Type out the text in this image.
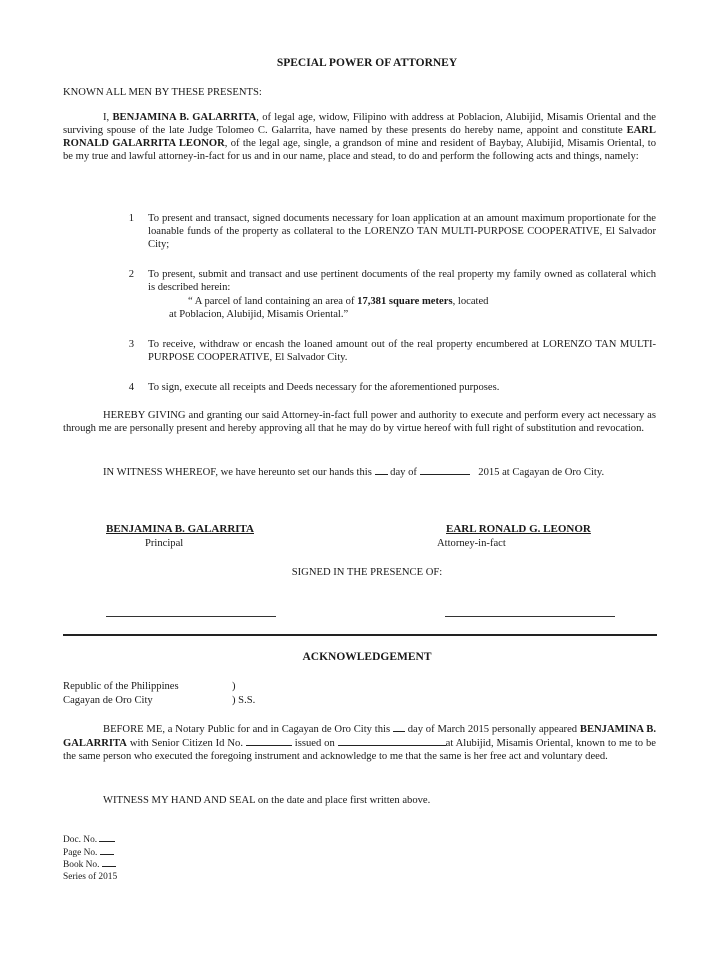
SPECIAL POWER OF ATTORNEY
KNOWN ALL MEN BY THESE PRESENTS:
I, BENJAMINA B. GALARRITA, of legal age, widow, Filipino with address at Poblacion, Alubijid, Misamis Oriental and the surviving spouse of the late Judge Tolomeo C. Galarrita, have named by these presents do hereby name, appoint and constitute EARL RONALD GALARRITA LEONOR, of the legal age, single, a grandson of mine and resident of Baybay, Alubijid, Misamis Oriental, to be my true and lawful attorney-in-fact for us and in our name, place and stead, to do and perform the following acts and things, namely:
1 To present and transact, signed documents necessary for loan application at an amount maximum proportionate for the loanable funds of the property as collateral to the LORENZO TAN MULTI-PURPOSE COOPERATIVE, El Salvador City;
2 To present, submit and transact and use pertinent documents of the real property my family owned as collateral which is described herein:
“ A parcel of land containing an area of 17,381 square meters, located
at Poblacion, Alubijid, Misamis Oriental.”
3 To receive, withdraw or encash the loaned amount out of the real property encumbered at LORENZO TAN MULTI-PURPOSE COOPERATIVE, El Salvador City.
4 To sign, execute all receipts and Deeds necessary for the aforementioned purposes.
HEREBY GIVING and granting our said Attorney-in-fact full power and authority to execute and perform every act necessary as through me are personally present and hereby approving all that he may do by virtue hereof with full right of substitution and revocation.
IN WITNESS WHEREOF, we have hereunto set our hands this day of	2015 at Cagayan de Oro City.
BENJAMINA B. GALARRITA
Principal
EARL RONALD G. LEONOR
Attorney-in-fact
SIGNED IN THE PRESENCE OF:
ACKNOWLEDGEMENT
Republic of the Philippines	)
Cagayan de Oro City	) S.S.
BEFORE ME, a Notary Public for and in Cagayan de Oro City this day of March 2015 personally appeared BENJAMINA B. GALARRITA with Senior Citizen Id No.	issued on	at Alubijid, Misamis Oriental, known to me to be the same person who executed the foregoing instrument and acknowledge to me that the same is her free act and voluntary deed.
WITNESS MY HAND AND SEAL on the date and place first written above.
Doc. No.
Page No.
Book No.
Series of 2015
